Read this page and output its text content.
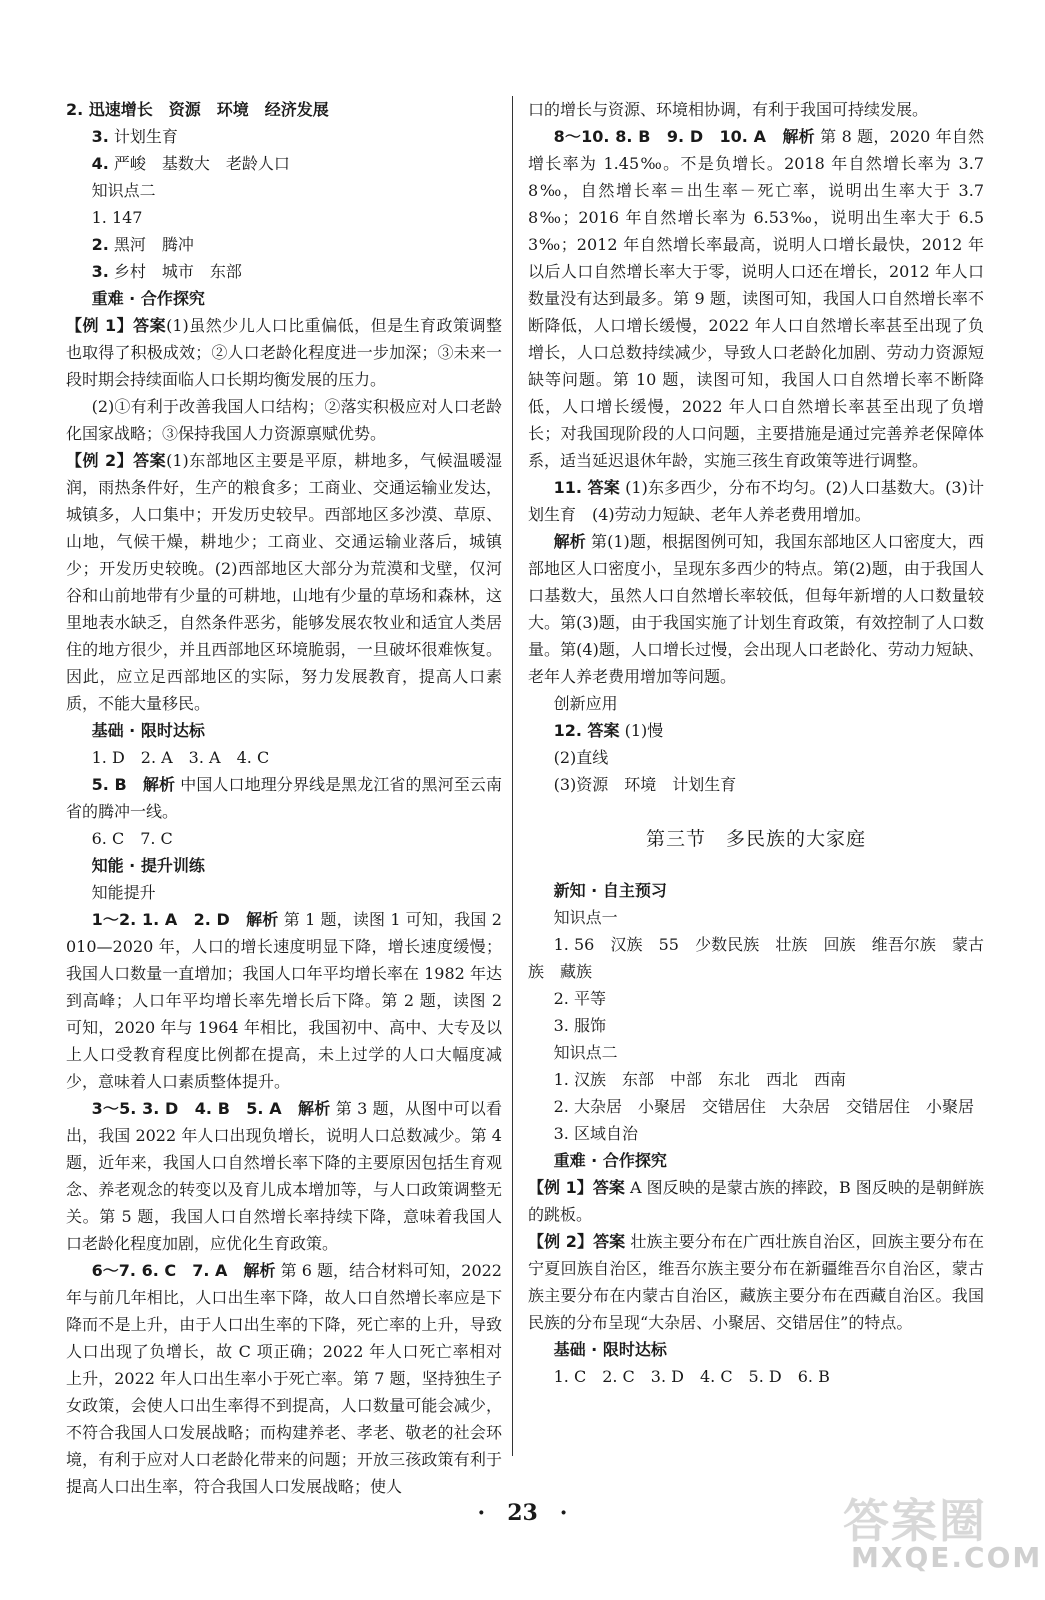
2. 迅速增长　资源　环境　经济发展

3. 计划生育

4. 严峻　基数大　老龄人口

知识点二

1. 147

2. 黑河　腾冲

3. 乡村　城市　东部

重难 · 合作探究

【例 1】答案(1)虽然少儿人口比重偏低，但是生育政策调整也取得了积极成效；②人口老龄化程度进一步加深；③未来一段时期会持续面临人口长期均衡发展的压力。

(2)①有利于改善我国人口结构；②落实积极应对人口老龄化国家战略；③保持我国人力资源禀赋优势。

【例 2】答案(1)东部地区主要是平原，耕地多，气候温暖湿润，雨热条件好，生产的粮食多；工商业、交通运输业发达，城镇多，人口集中；开发历史较早。西部地区多沙漠、草原、山地，气候干燥，耕地少；工商业、交通运输业落后，城镇少；开发历史较晚。(2)西部地区大部分为荒漠和戈壁，仅河谷和山前地带有少量的可耕地，山地有少量的草场和森林，这里地表水缺乏，自然条件恶劣，能够发展农牧业和适宜人类居住的地方很少，并且西部地区环境脆弱，一旦破坏很难恢复。因此，应立足西部地区的实际，努力发展教育，提高人口素质，不能大量移民。

基础 · 限时达标

1. D　2. A　3. A　4. C

5. B　解析 中国人口地理分界线是黑龙江省的黑河至云南省的腾冲一线。

6. C　7. C

知能 · 提升训练

知能提升

1～2. 1. A　2. D　解析 第 1 题，读图 1 可知，我国 2010—2020 年，人口的增长速度明显下降，增长速度缓慢；我国人口数量一直增加；我国人口年平均增长率在 1982 年达到高峰；人口年平均增长率先增长后下降。第 2 题，读图 2 可知，2020 年与 1964 年相比，我国初中、高中、大专及以上人口受教育程度比例都在提高，未上过学的人口大幅度减少，意味着人口素质整体提升。

3～5. 3. D　4. B　5. A　解析 第 3 题，从图中可以看出，我国 2022 年人口出现负增长，说明人口总数减少。第 4 题，近年来，我国人口自然增长率下降的主要原因包括生育观念、养老观念的转变以及育儿成本增加等，与人口政策调整无关。第 5 题，我国人口自然增长率持续下降，意味着我国人口老龄化程度加剧，应优化生育政策。

6～7. 6. C　7. A　解析 第 6 题，结合材料可知，2022 年与前几年相比，人口出生率下降，故人口自然增长率应是下降而不是上升，由于人口出生率的下降，死亡率的上升，导致人口出现了负增长，故 C 项正确；2022 年人口死亡率相对上升，2022 年人口出生率小于死亡率。第 7 题，坚持独生子女政策，会使人口出生率得不到提高，人口数量可能会减少，不符合我国人口发展战略；而构建养老、孝老、敬老的社会环境，有利于应对人口老龄化带来的问题；开放三孩政策有利于提高人口出生率，符合我国人口发展战略；使人

口的增长与资源、环境相协调，有利于我国可持续发展。

8～10. 8. B　9. D　10. A　解析 第 8 题，2020 年自然增长率为 1.45‰。不是负增长。2018 年自然增长率为 3.78‰，自然增长率＝出生率－死亡率，说明出生率大于 3.78‰；2016 年自然增长率为 6.53‰，说明出生率大于 6.53‰；2012 年自然增长率最高，说明人口增长最快，2012 年以后人口自然增长率大于零，说明人口还在增长，2012 年人口数量没有达到最多。第 9 题，读图可知，我国人口自然增长率不断降低，人口增长缓慢，2022 年人口自然增长率甚至出现了负增长，人口总数持续减少，导致人口老龄化加剧、劳动力资源短缺等问题。第 10 题，读图可知，我国人口自然增长率不断降低，人口增长缓慢，2022 年人口自然增长率甚至出现了负增长；对我国现阶段的人口问题，主要措施是通过完善养老保障体系，适当延迟退休年龄，实施三孩生育政策等进行调整。

11. 答案 (1)东多西少，分布不均匀。(2)人口基数大。(3)计划生育　(4)劳动力短缺、老年人养老费用增加。

解析 第(1)题，根据图例可知，我国东部地区人口密度大，西部地区人口密度小，呈现东多西少的特点。第(2)题，由于我国人口基数大，虽然人口自然增长率较低，但每年新增的人口数量较大。第(3)题，由于我国实施了计划生育政策，有效控制了人口数量。第(4)题，人口增长过慢，会出现人口老龄化、劳动力短缺、老年人养老费用增加等问题。

创新应用

12. 答案 (1)慢

(2)直线

(3)资源　环境　计划生育

第三节　多民族的大家庭

新知 · 自主预习

知识点一

1. 56　汉族　55　少数民族　壮族　回族　维吾尔族　蒙古族　藏族

2. 平等

3. 服饰

知识点二

1. 汉族　东部　中部　东北　西北　西南

2. 大杂居　小聚居　交错居住　大杂居　交错居住　小聚居

3. 区域自治

重难 · 合作探究

【例 1】答案 A 图反映的是蒙古族的摔跤，B 图反映的是朝鲜族的跳板。

【例 2】答案 壮族主要分布在广西壮族自治区，回族主要分布在宁夏回族自治区，维吾尔族主要分布在新疆维吾尔自治区，蒙古族主要分布在内蒙古自治区，藏族主要分布在西藏自治区。我国民族的分布呈现“大杂居、小聚居、交错居住”的特点。

基础 · 限时达标

1. C　2. C　3. D　4. C　5. D　6. B

·　23　·	答案圈
MXQE.COM
